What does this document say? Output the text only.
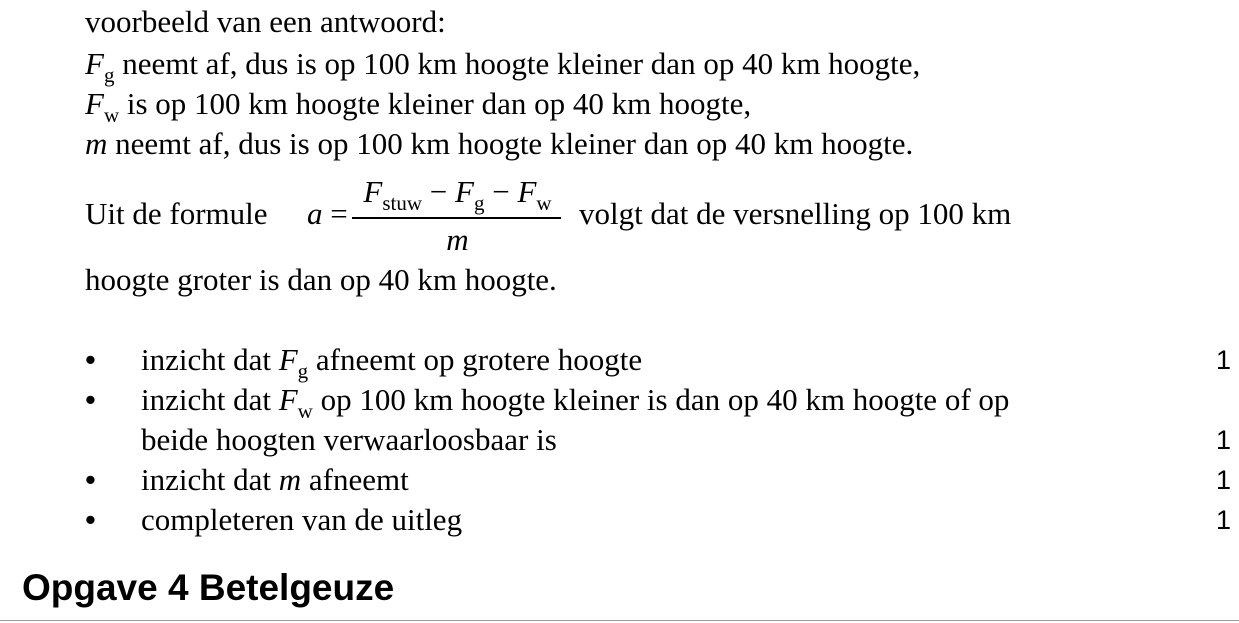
voorbeeld van een antwoord:
$F_g$ neemt af, dus is op 100 km hoogte kleiner dan op 40 km hoogte,
$F_w$ is op 100 km hoogte kleiner dan op 40 km hoogte,
m neemt af, dus is op 100 km hoogte kleiner dan op 40 km hoogte.
Uit de formule a =
$F_{stuw} - F_g - F_w$
m
volgt dat de versnelling op 100 km
hoogte groter is dan op 40 km hoogte.
• inzicht dat $F_g$ afneemt op grotere hoogte	1
• inzicht dat $F_w$ op 100 km hoogte kleiner is dan op 40 km hoogte of op
beide hoogten verwaarloosbaar is	1
• inzicht dat m afneemt	1
• completeren van de uitleg	1
Opgave 4 Betelgeuze
